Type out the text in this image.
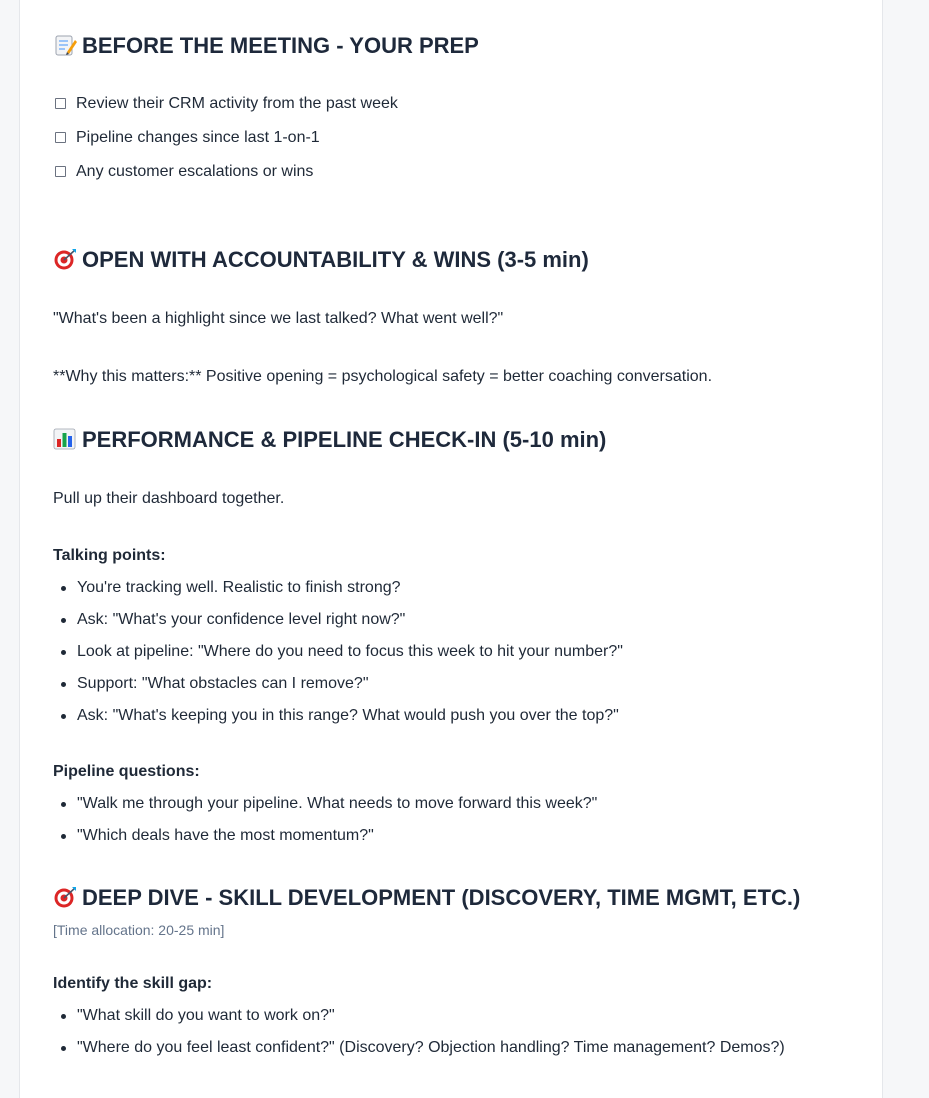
BEFORE THE MEETING - YOUR PREP
Review their CRM activity from the past week
Pipeline changes since last 1-on-1
Any customer escalations or wins
OPEN WITH ACCOUNTABILITY & WINS (3-5 min)

"What's been a highlight since we last talked? What went well?"

**Why this matters:** Positive opening = psychological safety = better coaching conversation.

PERFORMANCE & PIPELINE CHECK-IN (5-10 min)

Pull up their dashboard together.

Talking points:

You're tracking well. Realistic to finish strong?
Ask: "What's your confidence level right now?"
Look at pipeline: "Where do you need to focus this week to hit your number?"
Support: "What obstacles can I remove?"
Ask: "What's keeping you in this range? What would push you over the top?"

Pipeline questions:

"Walk me through your pipeline. What needs to move forward this week?"
"Which deals have the most momentum?"
DEEP DIVE - SKILL DEVELOPMENT (DISCOVERY, TIME MGMT, ETC.)

[Time allocation: 20-25 min]

Identify the skill gap:

"What skill do you want to work on?"
"Where do you feel least confident?" (Discovery? Objection handling? Time management? Demos?)
